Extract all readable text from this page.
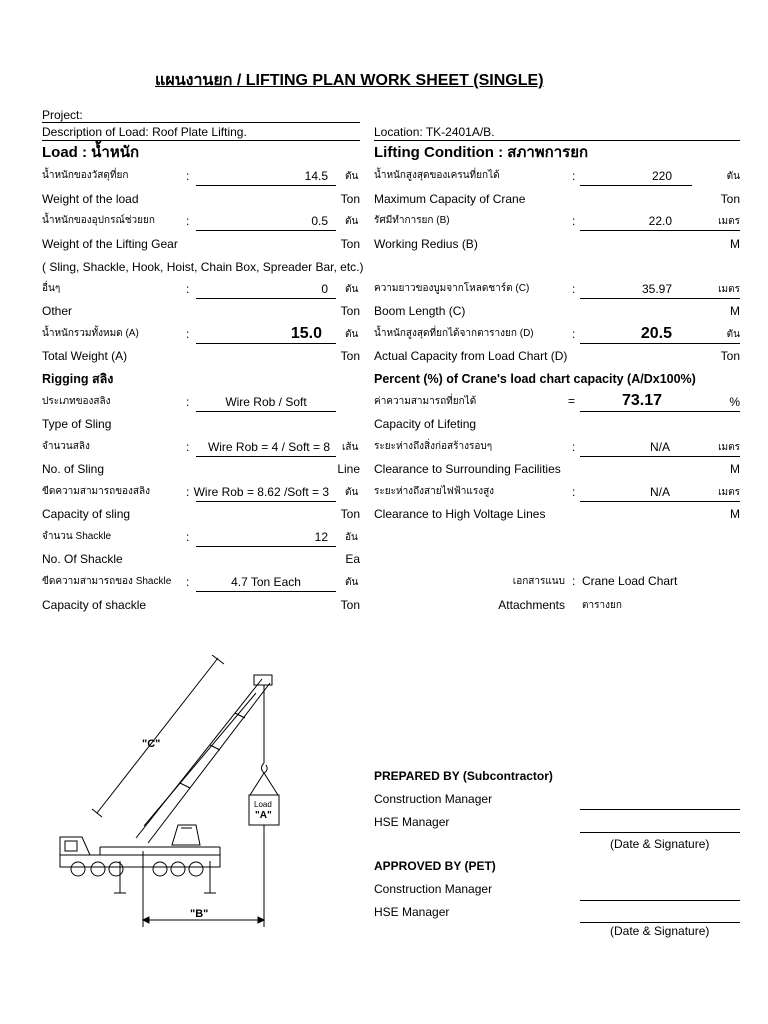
แผนงานยก / LIFTING PLAN WORK SHEET (SINGLE)
Project:
Description of Load: Roof Plate Lifting.	Location: TK-2401A/B.
Load : น้ำหนัก
น้ำหนักของวัสดุที่ยก	:	14.5 ตัน
Weight of the load	Ton
น้ำหนักของอุปกรณ์ช่วยยก	:	0.5 ตัน
Weight of the Lifting Gear	Ton
( Sling, Shackle, Hook, Hoist, Chain Box, Spreader Bar, etc.)
อื่นๆ	:	0 ตัน
Other	Ton
น้ำหนักรวมทั้งหมด (A)	:	15.0 ตัน
Total Weight (A)	Ton
Rigging สลิง
ประเภทของสลิง	:	Wire Rob / Soft
Type of Sling
จำนวนสลิง	:	Wire Rob = 4 / Soft = 8 เส้น
No. of Sling	Line
ขีดความสามารถของสลิง	: Wire Rob = 8.62 /Soft = 3 ตัน
Capacity of sling	Ton
จำนวน Shackle	:	12 อัน
No. Of Shackle	Ea
ขีดความสามารถของ Shackle :	4.7 Ton Each	ตัน
Capacity of shackle	Ton
Lifting Condition : สภาพการยก
น้ำหนักสูงสุดของเครนที่ยกได้	:	220	ตัน
Maximum Capacity of Crane	Ton
รัศมีทำการยก (B)	:	22.0	เมตร
Working Redius (B)	M
ความยาวของบูมจากโหลดชาร์ต (C)	:	35.97	เมตร
Boom Length (C)	M
น้ำหนักสูงสุดที่ยกได้จากตารางยก (D)	:	20.5	ตัน
Actual Capacity from Load Chart (D)	Ton
Percent (%) of Crane's load chart capacity (A/Dx100%)
ค่าความสามารถที่ยกได้	=	73.17	%
Capacity of Lifeting
ระยะห่างถึงสิ่งก่อสร้างรอบๆ	:	N/A	เมตร
Clearance to Surrounding Facilities	M
ระยะห่างถึงสายไฟฟ้าแรงสูง	:	N/A	เมตร
Clearance to High Voltage Lines	M
เอกสารแนบ : Crane Load Chart
Attachments ตารางยก
"C"
"B"
Load
"A"
PREPARED BY (Subcontractor)
Construction Manager
HSE Manager
(Date & Signature)
APPROVED BY (PET)
Construction Manager
HSE Manager
(Date & Signature)
